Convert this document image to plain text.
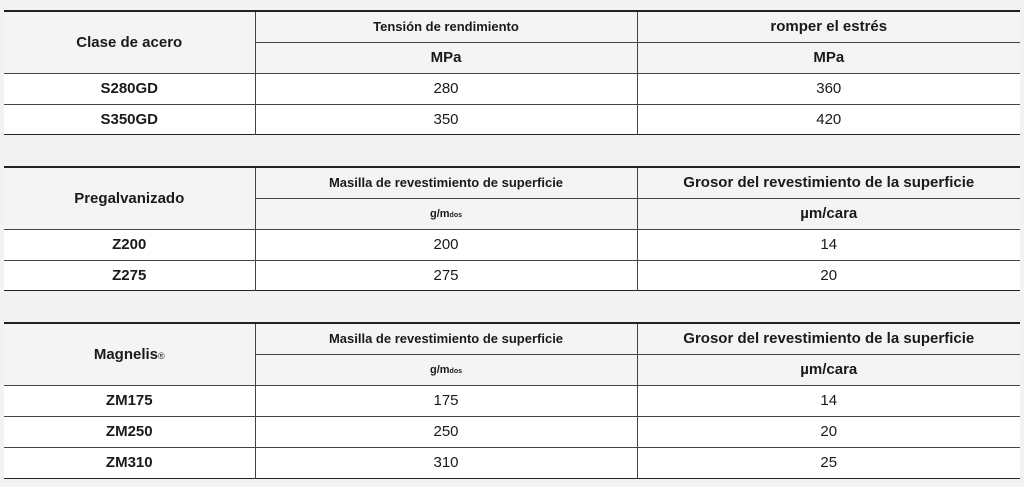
Clase de acero	Tensión de rendimiento	romper el estrés
	MPa	MPa
S280GD	280	360
S350GD	350	420
Pregalvanizado	Masilla de revestimiento de superficie	Grosor del revestimiento de la superficie
	g/mdos	µm/cara
Z200	200	14
Z275	275	20
Magnelis®	Masilla de revestimiento de superficie	Grosor del revestimiento de la superficie
	g/mdos	µm/cara
ZM175	175	14
ZM250	250	20
ZM310	310	25
